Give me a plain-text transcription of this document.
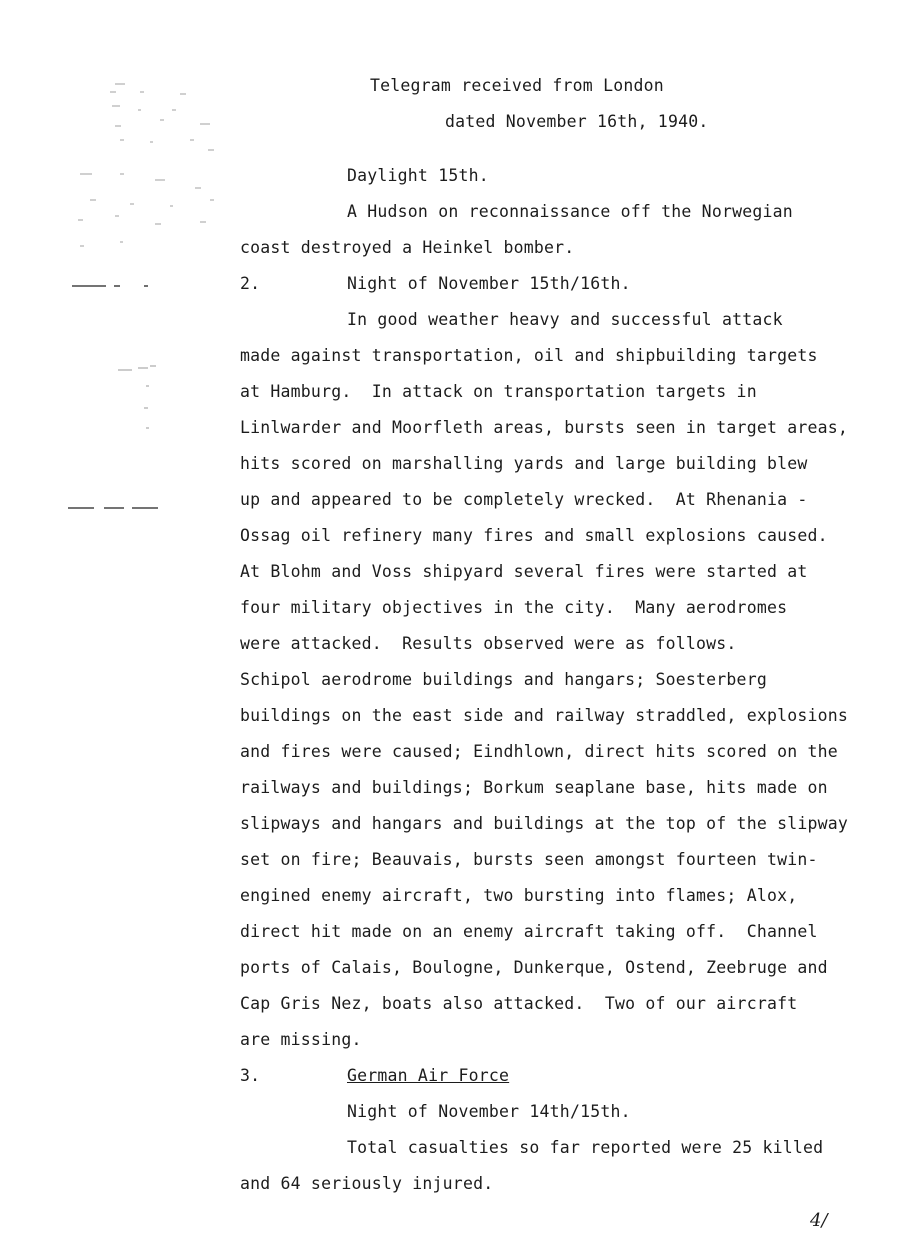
Telegram received from London
dated November 16th, 1940.
Daylight 15th.
A Hudson on reconnaissance off the Norwegian
coast destroyed a Heinkel bomber.
2.	Night of November 15th/16th.
In good weather heavy and successful attack
made against transportation, oil and shipbuilding targets
at Hamburg.  In attack on transportation targets in
Linlwarder and Moorfleth areas, bursts seen in target areas,
hits scored on marshalling yards and large building blew
up and appeared to be completely wrecked.  At Rhenania -
Ossag oil refinery many fires and small explosions caused.
At Blohm and Voss shipyard several fires were started at
four military objectives in the city.  Many aerodromes
were attacked.  Results observed were as follows.
Schipol aerodrome buildings and hangars; Soesterberg
buildings on the east side and railway straddled, explosions
and fires were caused; Eindhlown, direct hits scored on the
railways and buildings; Borkum seaplane base, hits made on
slipways and hangars and buildings at the top of the slipway
set on fire; Beauvais, bursts seen amongst fourteen twin-
engined enemy aircraft, two bursting into flames; Alox,
direct hit made on an enemy aircraft taking off.  Channel
ports of Calais, Boulogne, Dunkerque, Ostend, Zeebruge and
Cap Gris Nez, boats also attacked.  Two of our aircraft
are missing.
3.	German Air Force
Night of November 14th/15th.
Total casualties so far reported were 25 killed
and 64 seriously injured.
4/
